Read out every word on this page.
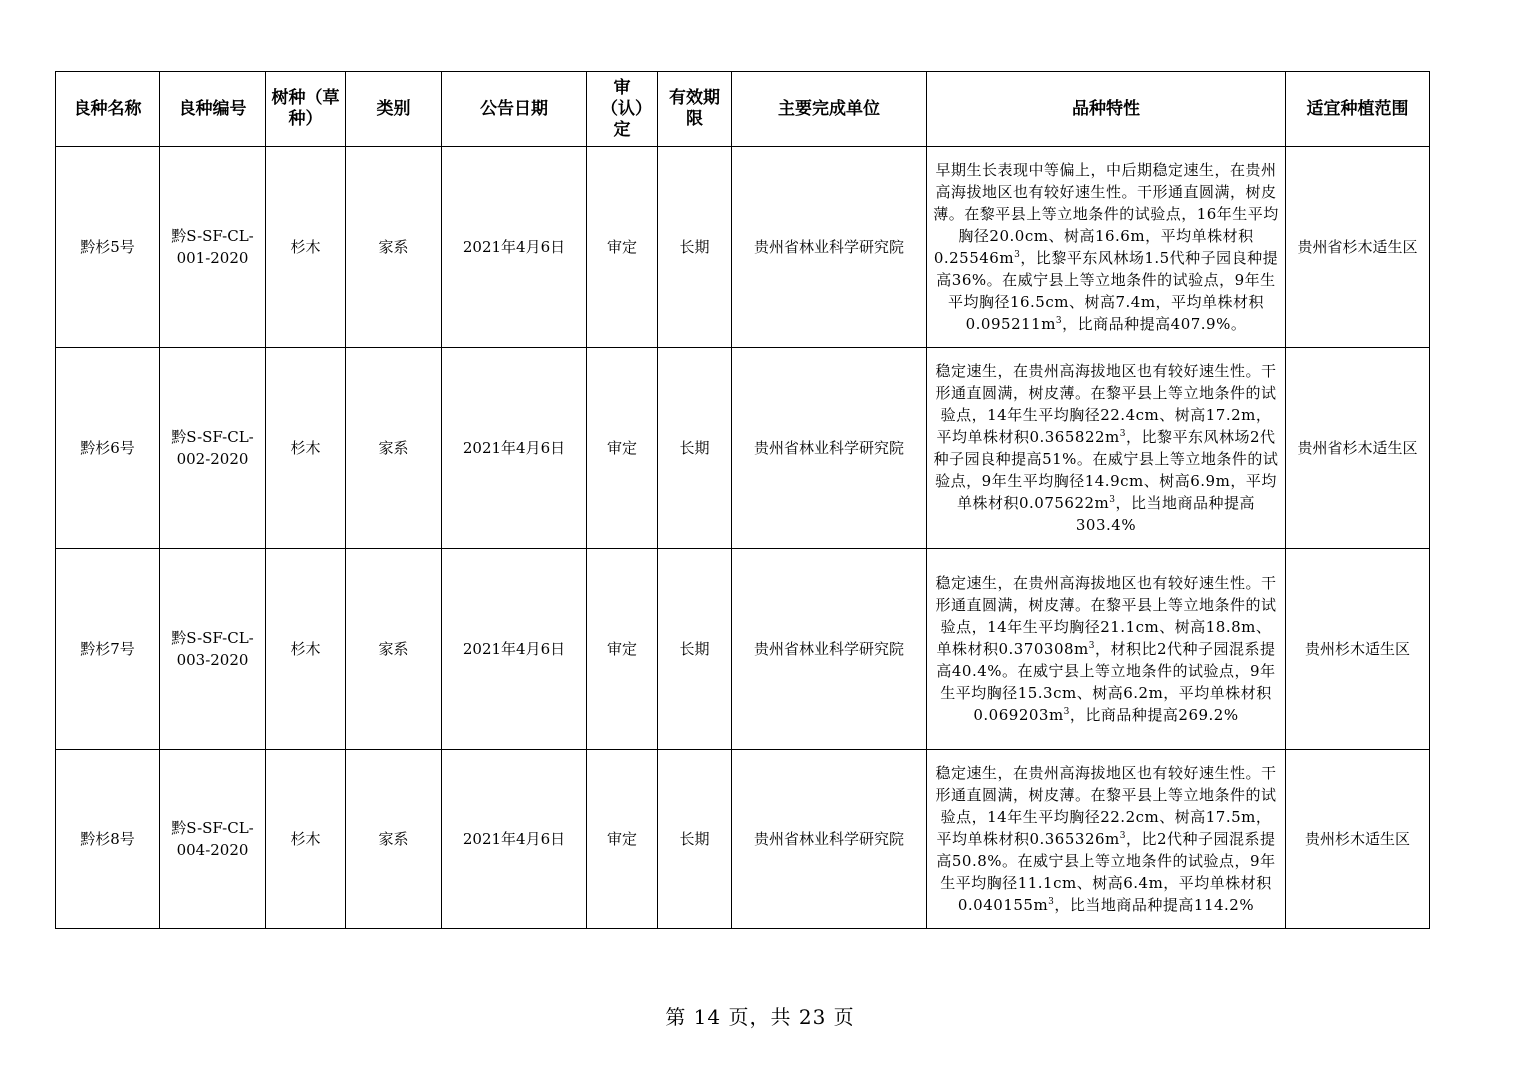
良种名称	良种编号	树种（草种）	类别	公告日期	审（认）定	有效期限	主要完成单位	品种特性	适宜种植范围
黔杉5号	黔S-SF-CL-001-2020	杉木	家系	2021年4月6日	审定	长期	贵州省林业科学研究院	早期生长表现中等偏上，中后期稳定速生，在贵州高海拔地区也有较好速生性。干形通直圆满，树皮薄。在黎平县上等立地条件的试验点，16年生平均胸径20.0cm、树高16.6m，平均单株材积$0.25546m^3$，比黎平东风林场1.5代种子园良种提高36%。在威宁县上等立地条件的试验点，9年生平均胸径16.5cm、树高7.4m，平均单株材积$0.095211m^3$，比商品种提高407.9%。	贵州省杉木适生区
黔杉6号	黔S-SF-CL-002-2020	杉木	家系	2021年4月6日	审定	长期	贵州省林业科学研究院	稳定速生，在贵州高海拔地区也有较好速生性。干形通直圆满，树皮薄。在黎平县上等立地条件的试验点，14年生平均胸径22.4cm、树高17.2m，平均单株材积$0.365822m^3$，比黎平东风林场2代种子园良种提高51%。在威宁县上等立地条件的试验点，9年生平均胸径14.9cm、树高6.9m，平均单株材积$0.075622m^3$，比当地商品种提高303.4%	贵州省杉木适生区
黔杉7号	黔S-SF-CL-003-2020	杉木	家系	2021年4月6日	审定	长期	贵州省林业科学研究院	稳定速生，在贵州高海拔地区也有较好速生性。干形通直圆满，树皮薄。在黎平县上等立地条件的试验点，14年生平均胸径21.1cm、树高18.8m、单株材积$0.370308m^3$，材积比2代种子园混系提高40.4%。在威宁县上等立地条件的试验点，9年生平均胸径15.3cm、树高6.2m，平均单株材积$0.069203m^3$，比商品种提高269.2%	贵州杉木适生区
黔杉8号	黔S-SF-CL-004-2020	杉木	家系	2021年4月6日	审定	长期	贵州省林业科学研究院	稳定速生，在贵州高海拔地区也有较好速生性。干形通直圆满，树皮薄。在黎平县上等立地条件的试验点，14年生平均胸径22.2cm、树高17.5m，平均单株材积$0.365326m^3$，比2代种子园混系提高50.8%。在威宁县上等立地条件的试验点，9年生平均胸径11.1cm、树高6.4m，平均单株材积$0.040155m^3$，比当地商品种提高114.2%	贵州杉木适生区
第 14 页，共 23 页
